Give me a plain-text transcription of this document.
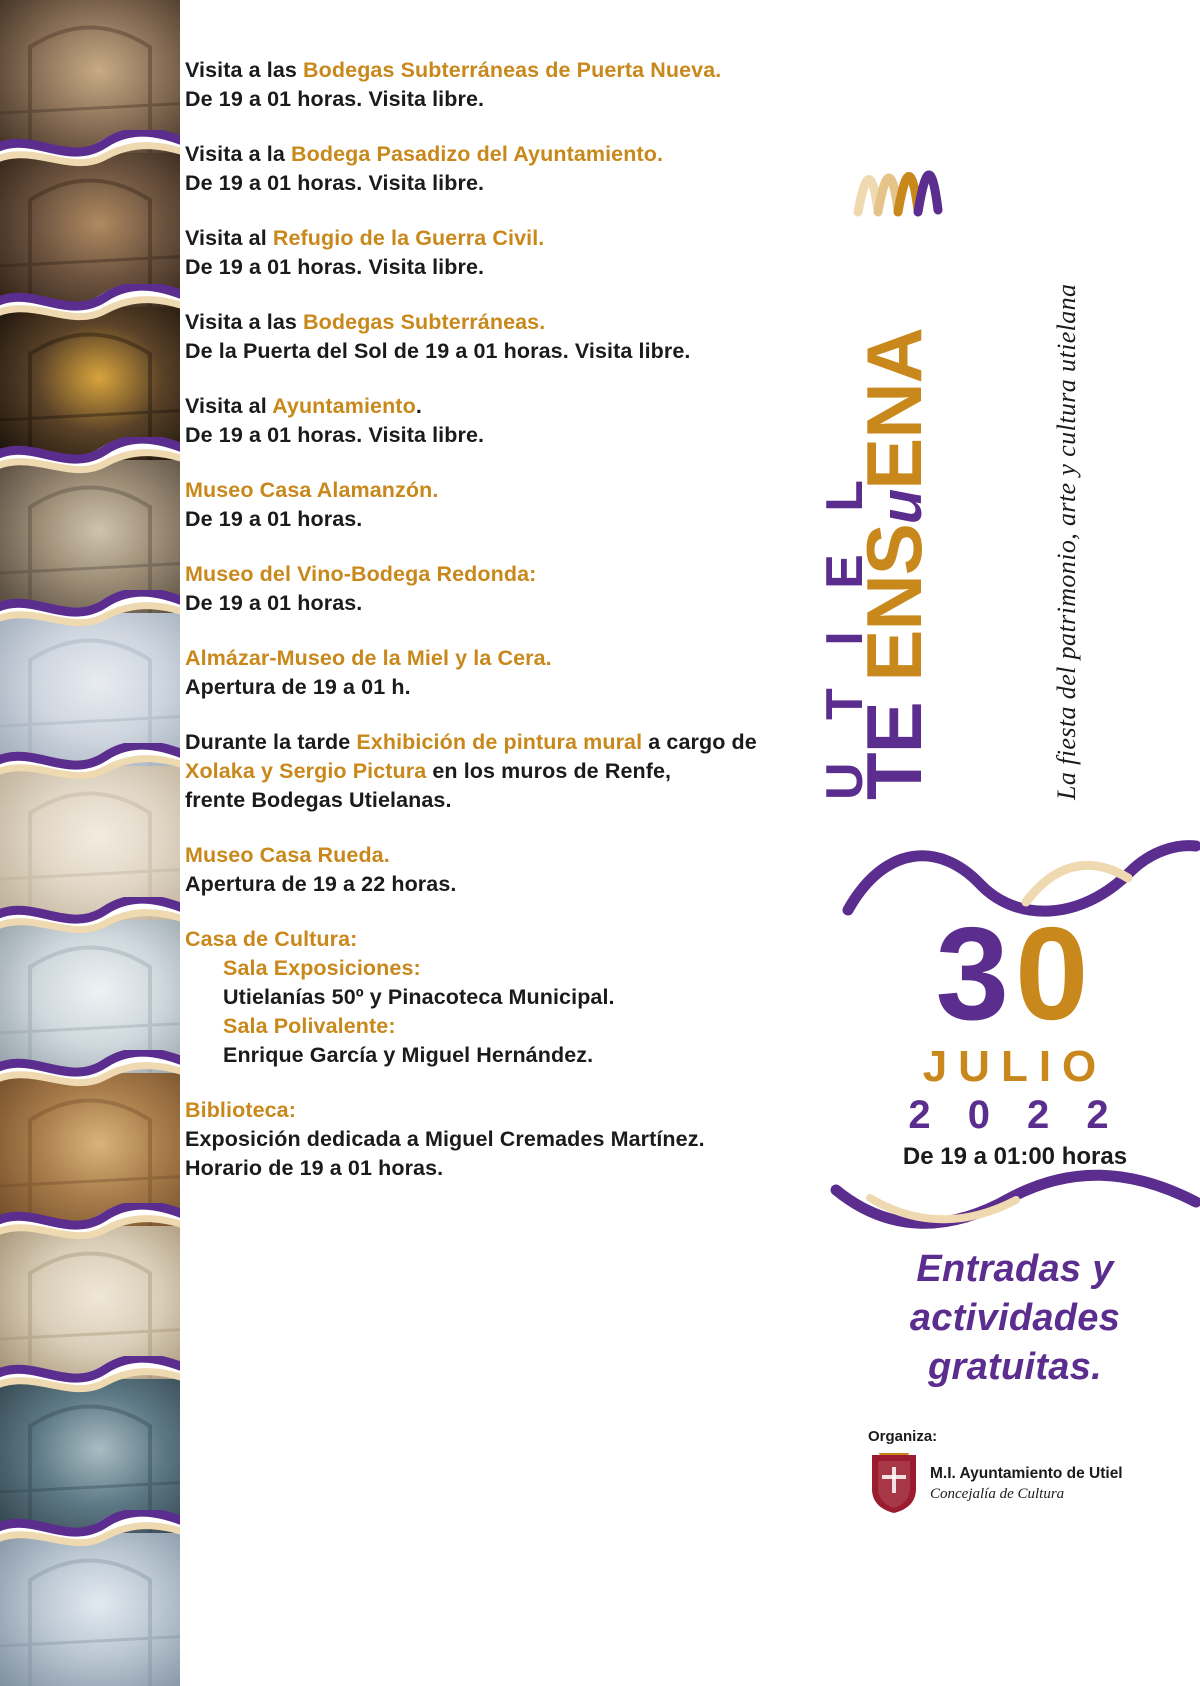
Visita a las Bodegas Subterráneas de Puerta Nueva.
De 19 a 01 horas. Visita libre.
Visita a la Bodega Pasadizo del Ayuntamiento.
De 19 a 01 horas. Visita libre.
Visita al Refugio de la Guerra Civil.
De 19 a 01 horas. Visita libre.
Visita a las Bodegas Subterráneas.
De la Puerta del Sol de 19 a 01 horas. Visita libre.
Visita al Ayuntamiento.
De 19 a 01 horas. Visita libre.
Museo Casa Alamanzón.
De 19 a 01 horas.
Museo del Vino-Bodega Redonda:
De 19 a 01 horas.
Almázar-Museo de la Miel y la Cera.
Apertura de 19 a 01 h.
Durante la tarde Exhibición de pintura mural a cargo de
Xolaka y Sergio Pictura en los muros de Renfe,
frente Bodegas Utielanas.
Museo Casa Rueda.
Apertura de 19 a 22 horas.
Casa de Cultura:
Sala Exposiciones:
Utielanías 50º y Pinacoteca Municipal.
Sala Polivalente:
Enrique García y Miguel Hernández.
Biblioteca:
Exposición dedicada a Miguel Cremades Martínez.
Horario de 19 a 01 horas.
U T I E L
TE ENSuENA	La fiesta del patrimonio, arte y cultura utielana
30
JULIO
2 0 2 2
De 19 a 01:00 horas
Entradas y
actividades
gratuitas.
Organiza:
M.I. Ayuntamiento de Utiel
Concejalía de Cultura
